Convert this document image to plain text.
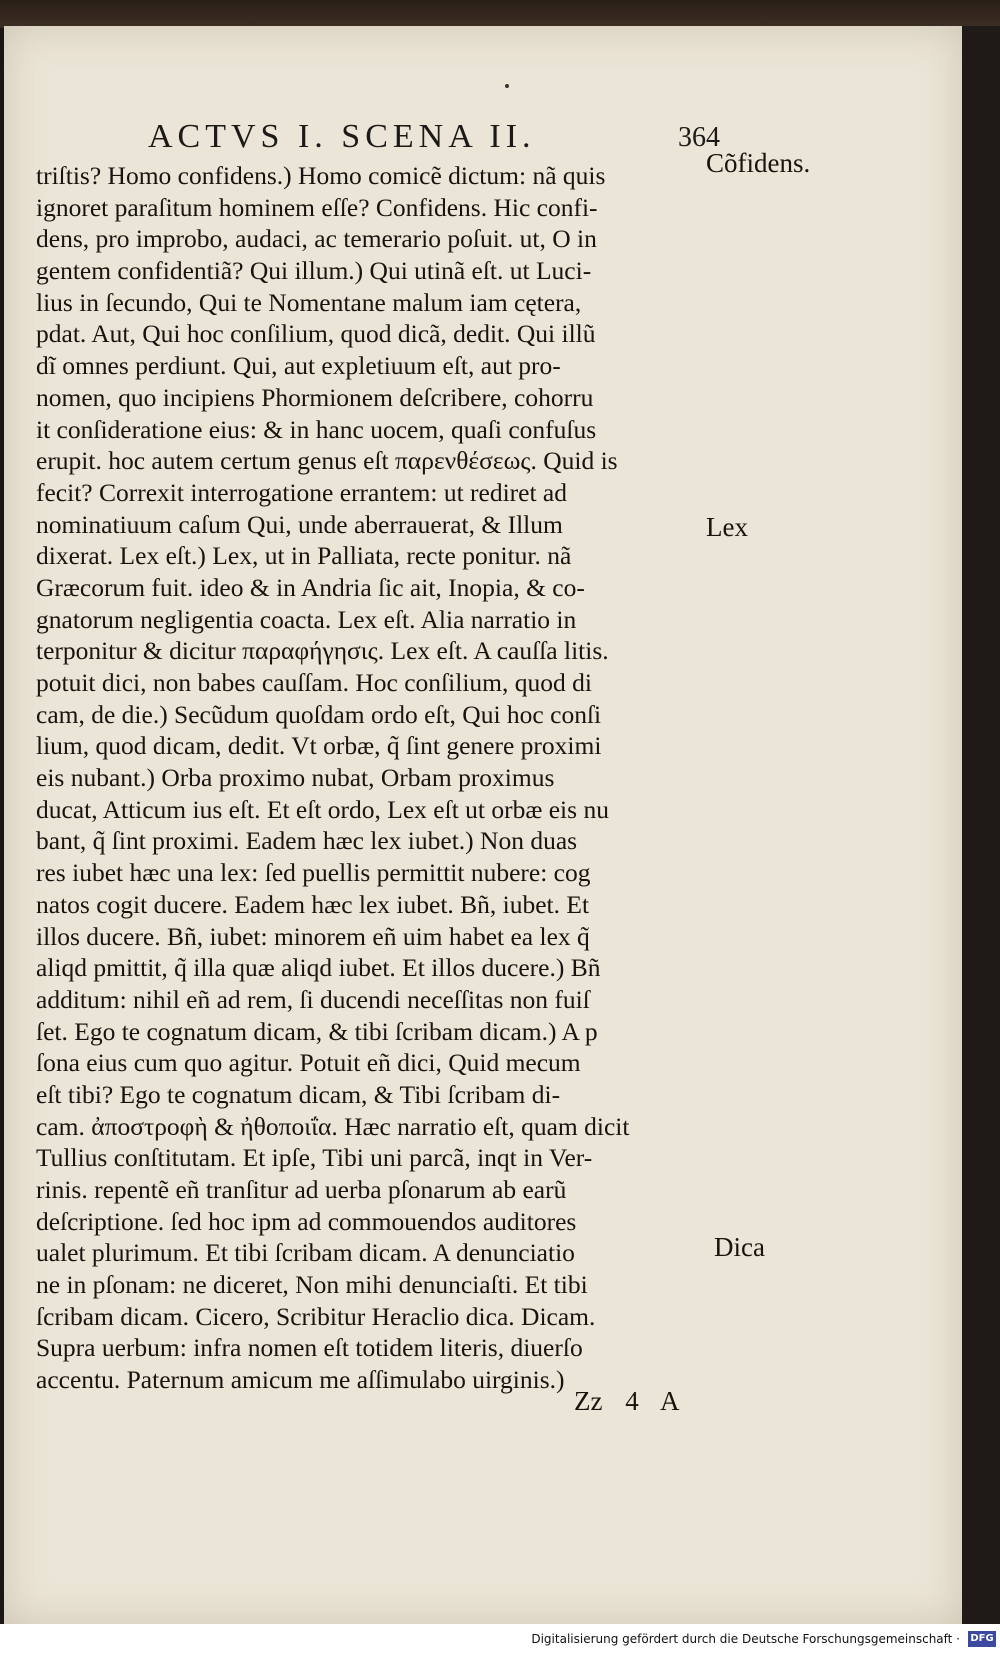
ACTVS I. SCENA II.	364
triſtis? Homo confidens.) Homo comicẽ dictum: nã quis
ignoret paraſitum hominem eſſe? Confidens. Hic confi-
dens, pro improbo, audaci, ac temerario poſuit. ut, O in
gentem confidentiã? Qui illum.) Qui utinã eſt. ut Luci-
lius in ſecundo, Qui te Nomentane malum iam cętera,
pdat. Aut, Qui hoc conſilium, quod dicã, dedit. Qui illũ
dĩ omnes perdiunt. Qui, aut expletiuum eſt, aut pro-
nomen, quo incipiens Phormionem deſcribere, cohorru
it conſideratione eius: & in hanc uocem, quaſi confuſus
erupit. hoc autem certum genus eſt παρενθέσεως. Quid is
fecit? Correxit interrogatione errantem: ut rediret ad
nominatiuum caſum Qui, unde aberrauerat, & Illum
dixerat. Lex eſt.) Lex, ut in Palliata, recte ponitur. nã
Græcorum fuit. ideo & in Andria ſic ait, Inopia, & co-
gnatorum negligentia coacta. Lex eſt. Alia narratio in
terponitur & dicitur παραφήγησις. Lex eſt. A cauſſa litis.
potuit dici, non babes cauſſam. Hoc conſilium, quod di
cam, de die.) Secũdum quoſdam ordo eſt, Qui hoc conſi
lium, quod dicam, dedit. Vt orbæ, q̃ ſint genere proximi
eis nubant.) Orba proximo nubat, Orbam proximus
ducat, Atticum ius eſt. Et eſt ordo, Lex eſt ut orbæ eis nu
bant, q̃ ſint proximi. Eadem hæc lex iubet.) Non duas
res iubet hæc una lex: ſed puellis permittit nubere: cog
natos cogit ducere. Eadem hæc lex iubet. Bñ, iubet. Et
illos ducere. Bñ, iubet: minorem eñ uim habet ea lex q̃
aliqd pmittit, q̃ illa quæ aliqd iubet. Et illos ducere.) Bñ
additum: nihil eñ ad rem, ſi ducendi neceſſitas non fuiſ
ſet. Ego te cognatum dicam, & tibi ſcribam dicam.) A p
ſona eius cum quo agitur. Potuit eñ dici, Quid mecum
eſt tibi? Ego te cognatum dicam, & Tibi ſcribam di-
cam. ἀποστροφὴ & ἠθοποιΐα. Hæc narratio eſt, quam dicit
Tullius conſtitutam. Et ipſe, Tibi uni parcã, inqt in Ver-
rinis. repentẽ eñ tranſitur ad uerba pſonarum ab earũ
deſcriptione. ſed hoc ipm ad commouendos auditores
ualet plurimum. Et tibi ſcribam dicam. A denunciatio
ne in pſonam: ne diceret, Non mihi denunciaſti. Et tibi
ſcribam dicam. Cicero, Scribitur Heraclio dica. Dicam.
Supra uerbum: infra nomen eſt totidem literis, diuerſo
accentu. Paternum amicum me aſſimulabo uirginis.)
Cõfidens.
Lex
Dica
Zz 4 A
Digitalisierung gefördert durch die Deutsche Forschungsgemeinschaft · DFG
